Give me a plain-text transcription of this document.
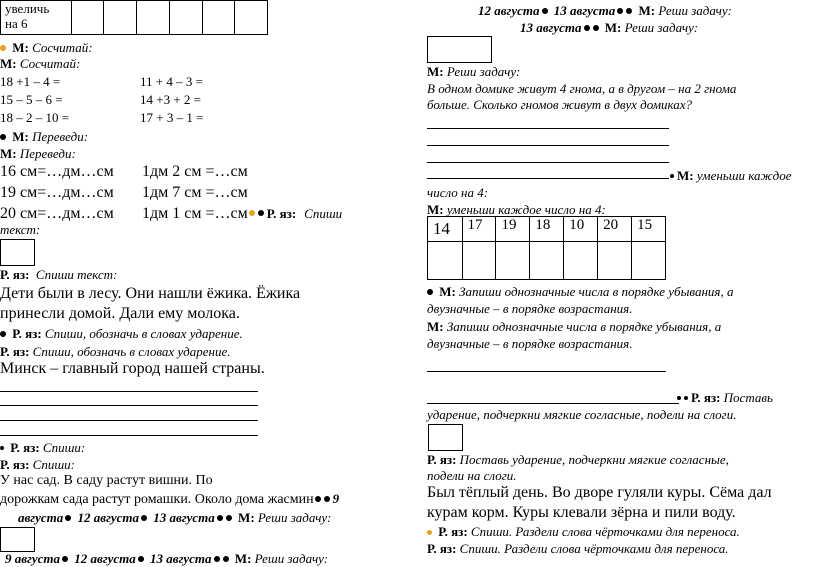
увеличь
на 6						
М: Сосчитай:
М: Сосчитай:
18 +1 – 4 =	11 + 4 – 3 =
15 – 5 – 6 =	14 +3 + 2 =
18 – 2 – 10 =	17 + 3 – 1 =
М: Переведи:
М: Переведи:
16 см=…дм…см 1дм 2 см =…см
19 см=…дм…см 1дм 7 см =…см
20 см=…дм…см 1дм 1 см =…см Р. яз: Спиши
текст:
Р. яз: Спиши текст:
Дети были в лесу. Они нашли ёжика. Ёжика
принесли домой. Дали ему молока.
Р. яз: Спиши, обозначь в словах ударение.
Р. яз: Спиши, обозначь в словах ударение.
Минск – главный город нашей страны.
Р. яз: Спиши:
Р. яз: Спиши:
У нас сад. В саду растут вишни. По
дорожкам сада растут ромашки. Около дома жасмин 9
августа 12 августа 13 августа М: Реши задачу:
9 августа 12 августа 13 августа М: Реши задачу:
12 августа 13 августа М: Реши задачу:
13 августа М: Реши задачу:
М: Реши задачу:
В одном домике живут 4 гнома, а в другом – на 2 гнома
больше. Сколько гномов живут в двух домиках?
М: уменьши каждое
число на 4:
М: уменьши каждое число на 4:
14	17	19	18	10	20	15

М: Запиши однозначные числа в порядке убывания, а
двузначные – в порядке возрастания.
М: Запиши однозначные числа в порядке убывания, а
двузначные – в порядке возрастания.
Р. яз: Поставь
ударение, подчеркни мягкие согласные, подели на слоги.
Р. яз: Поставь ударение, подчеркни мягкие согласные,
подели на слоги.
Был тёплый день. Во дворе гуляли куры. Сёма дал
курам корм. Куры клевали зёрна и пили воду.
Р. яз: Спиши. Раздели слова чёрточками для переноса.
Р. яз: Спиши. Раздели слова чёрточками для переноса.
